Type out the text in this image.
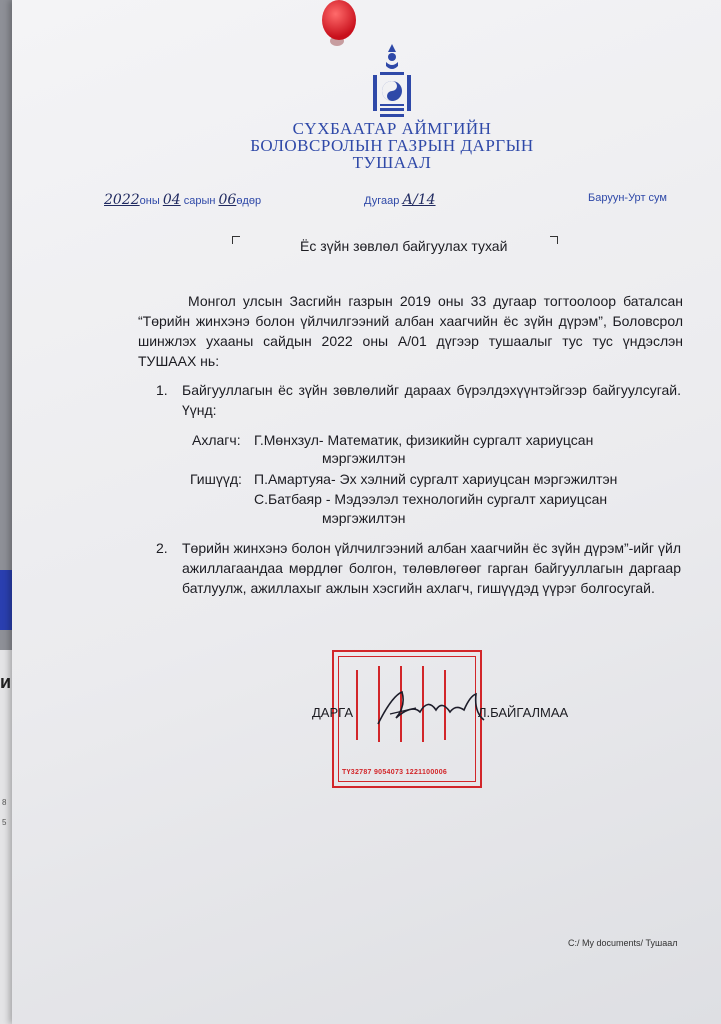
и
8
5
СҮХБААТАР АЙМГИЙН
БОЛОВСРОЛЫН ГАЗРЫН ДАРГЫН
ТУШААЛ
2022оны 04 сарын 06өдөр	Дугаар А/14	Баруун-Урт сум
Ёс зүйн зөвлөл байгуулах тухай
Монгол улсын Засгийн газрын 2019 оны 33 дугаар тогтоолоор баталсан “Төрийн жинхэнэ болон үйлчилгээний албан хаагчийн ёс зүйн дүрэм”, Боловсрол шинжлэх ухааны сайдын 2022 оны А/01 дүгээр тушаалыг тус тус үндэслэн ТУШААХ нь:
1. Байгууллагын ёс зүйн зөвлөлийг дараах бүрэлдэхүүнтэйгээр байгуулсугай. Үүнд:
Ахлагч: Г.Мөнхзул- Математик, физикийн сургалт хариуцсан
мэргэжилтэн
Гишүүд: П.Амартуяа- Эх хэлний сургалт хариуцсан мэргэжилтэн
С.Батбаяр - Мэдээлэл технологийн сургалт хариуцсан
мэргэжилтэн
2. Төрийн жинхэнэ болон үйлчилгээний албан хаагчийн ёс зүйн дүрэм”-ийг үйл ажиллагаандаа мөрдлөг болгон, төлөвлөгөөг гарган байгууллагын даргаар батлуулж, ажиллахыг ажлын хэсгийн ахлагч, гишүүдэд үүрэг болгосугай.
ТҮ32787 9054073 1221100006
ДАРГА	Л.БАЙГАЛМАА
C:/ My documents/ Тушаал
